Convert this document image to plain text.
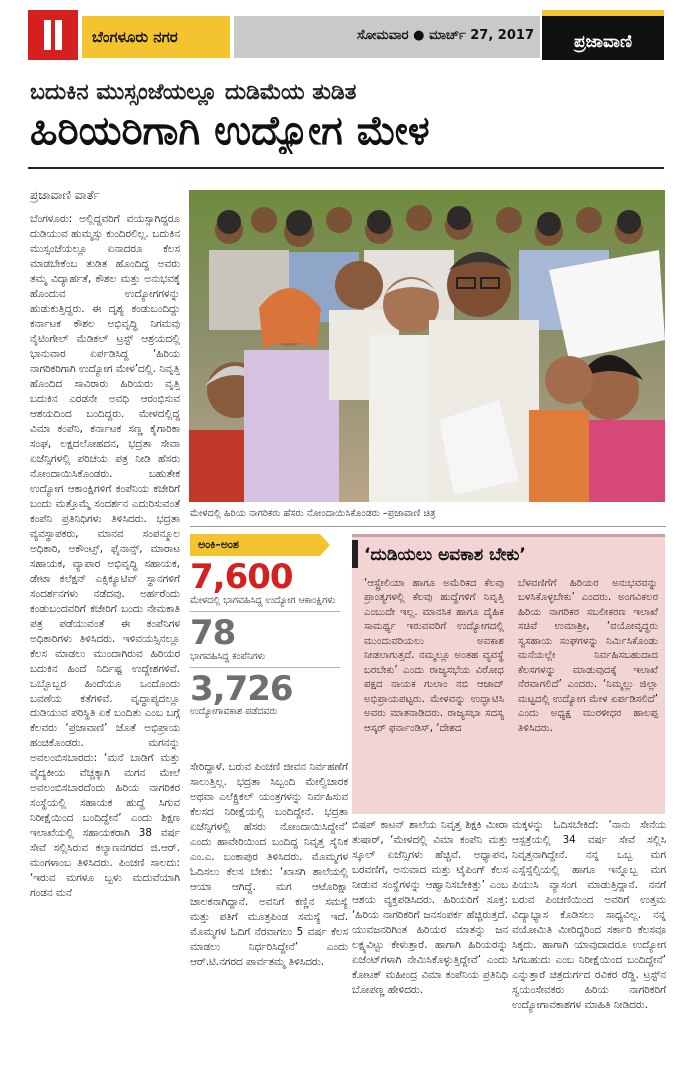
ಬೆಂಗಳೂರು ನಗರ	ಸೋಮವಾರ ● ಮಾರ್ಚ್ 27, 2017	ಪ್ರಜಾವಾಣಿ
ಬದುಕಿನ ಮುಸ್ಸಂಜೆಯಲ್ಲೂ ದುಡಿಮೆಯ ತುಡಿತ
ಹಿರಿಯರಿಗಾಗಿ ಉದ್ಯೋಗ ಮೇಳ
ಪ್ರಜಾವಾಣಿ ವಾರ್ತೆ
ಬೆಂಗಳೂರು: ಅಲ್ಲಿದ್ದವರಿಗೆ ವಯಸ್ಸಾಗಿದ್ದರೂ ದುಡಿಯುವ ಹುಮ್ಮಸ್ಸು ಕುಂದಿರಲಿಲ್ಲ. ಬದುಕಿನ ಮುಸ್ಸಂಜೆಯಲ್ಲೂ ಏನಾದರೂ ಕೆಲಸ ಮಾಡಬೇಕೆಂಬ ತುಡಿತ ಹೊಂದಿದ್ದ ಅವರು ತಮ್ಮ ವಿದ್ಯಾರ್ಹತೆ, ಕೌಶಲ ಮತ್ತು ಅನುಭವಕ್ಕೆ ಹೊಂದುವ ಉದ್ಯೋಗಗಳನ್ನು ಹುಡುಕುತ್ತಿದ್ದರು. ಈ ದೃಶ್ಯ ಕಂಡುಬಂದಿದ್ದು ಕರ್ನಾಟಕ ಕೌಶಲ ಅಭಿವೃದ್ಧಿ ನಿಗಮವು ನೈಟಿಂಗೇಲ್ ಮೆಡಿಕಲ್ ಟ್ರಸ್ಟ್ ಆಶ್ರಯದಲ್ಲಿ ಭಾನುವಾರ ಏರ್ಪಡಿಸಿದ್ದ ‘ಹಿರಿಯ ನಾಗರಿಕರಿಗಾಗಿ ಉದ್ಯೋಗ ಮೇಳ’ದಲ್ಲಿ. ನಿವೃತ್ತಿ ಹೊಂದಿದ ಸಾವಿರಾರು ಹಿರಿಯರು ವೃತ್ತಿ ಬದುಕಿನ ಎರಡನೇ ಅವಧಿ ಆರಂಭಿಸುವ ಆಶಯದಿಂದ ಬಂದಿದ್ದರು. ಮೇಳದಲ್ಲಿದ್ದ ವಿಮಾ ಕಂಪೆನಿ, ಕರ್ನಾಟಕ ಸಣ್ಣ ಕೈಗಾರಿಕಾ ಸಂಘ, ಲಕ್ಷದಲೋಹದನ, ಭದ್ರತಾ ಸೇವಾ ಏಜೆನ್ಸಿಗಳಲ್ಲಿ ಪರಿಚಯ ಪತ್ರ ನೀಡಿ ಹೆಸರು ನೋಂದಾಯಿಸಿಕೊಂಡರು. ಬಹುತೇಕ ಉದ್ಯೋಗ ಆಕಾಂಕ್ಷಿಗಳಿಗೆ ಕಂಪೆನಿಯ ಕಚೇರಿಗೆ ಬಂದು ಮತ್ತೊಮ್ಮೆ ಸಂದರ್ಶನ ಎದುರಿಸುವಂತೆ ಕಂಪೆನಿ ಪ್ರತಿನಿಧಿಗಳು ತಿಳಿಸಿದರು. ಭದ್ರತಾ ವ್ಯವಸ್ಥಾಪಕರು, ಮಾನವ ಸಂಪನ್ಮೂಲ ಅಧಿಕಾರಿ, ಅಕೌಂಟ್ಸ್, ಫೈನಾನ್ಸ್, ಮಾರಾಟ ಸಹಾಯಕ, ವ್ಯಾಪಾರ ಅಭಿವೃದ್ಧಿ ಸಹಾಯಕ, ಡೇಟಾ ಕಲೆಕ್ಷನ್ ಎಕ್ಸಿಕ್ಯೂಟಿವ್ ಸ್ಥಾನಗಳಿಗೆ ಸಂದರ್ಶನಗಳು ನಡೆದವು. ಅರ್ಹರೆಂದು ಕಂಡುಬಂದವರಿಗೆ ಕಚೇರಿಗೆ ಬಂದು ನೇಮಕಾತಿ ಪತ್ರ ಪಡೆಯುವಂತೆ ಈ ಕಂಪೆನಿಗಳ ಅಧಿಕಾರಿಗಳು ತಿಳಿಸಿದರು. ಇಳಿವಯಸ್ಸಿನಲ್ಲೂ ಕೆಲಸ ಮಾಡಲು ಮುಂದಾಗಿರುವ ಹಿರಿಯರ ಬದುಕಿನ ಹಿಂದೆ ನಿರ್ದಿಷ್ಟ ಉದ್ದೇಶಗಳಿವೆ. ಒಬ್ಬೊಬ್ಬರ ಹಿಂದೆಯೂ ಒಂದೊಂದು ಬವಣೆಯ ಕತೆಗಳಿವೆ. ವೃದ್ಧಾಪ್ಯದಲ್ಲೂ ದುಡಿಯುವ ಪರಿಸ್ಥಿತಿ ಏಕೆ ಬಂದಿತು ಎಂಬ ಬಗ್ಗೆ ಕೆಲವರು ‘ಪ್ರಜಾವಾಣಿ’ ಜೊತೆ ಅಭಿಪ್ರಾಯ ಹಂಚಿಕೊಂಡರು. ಮಗನನ್ನು ಅವಲಂಬಿಸಬಾರದು: ‘ಮನೆ ಬಾಡಿಗೆ ಮತ್ತು ವೈದ್ಯಕೀಯ ವೆಚ್ಚಕ್ಕಾಗಿ ಮಗನ ಮೇಲೆ ಅವಲಂಬಿಸಬಾರದೆಂದು ಹಿರಿಯ ನಾಗರಿಕರ ಸಂಸ್ಥೆಯಲ್ಲಿ ಸಹಾಯಕ ಹುದ್ದೆ ಸಿಗುವ ನಿರೀಕ್ಷೆಯಿಂದ ಬಂದಿದ್ದೇನೆ’ ಎಂದು ಶಿಕ್ಷಣ ಇಲಾಖೆಯಲ್ಲಿ ಸಹಾಯಕರಾಗಿ 38 ವರ್ಷ ಸೇವೆ ಸಲ್ಲಿಸಿರುವ ಕಲ್ಯಾಣನಗರದ ಜಿ.ಆರ್. ಮಂಗಳಾಂಬ ತಿಳಿಸಿದರು. ಪಿಂಚಣಿ ಸಾಲದು: ‘ಇರುವ ಮಗಳೂ ಬ್ಬಳು ಮದುವೆಯಾಗಿ ಗಂಡನ ಮನೆ
ಮೇಳದಲ್ಲಿ ಹಿರಿಯ ನಾಗರಿಕರು ಹೆಸರು ನೋಂದಾಯಿಸಿಕೊಂಡರು –ಪ್ರಜಾವಾಣಿ ಚಿತ್ರ
ಅಂಕಿ–ಅಂಶ
7,600
ಮೇಳದಲ್ಲಿ ಭಾಗವಹಿಸಿದ್ದ ಉದ್ಯೋಗ ಆಕಾಂಕ್ಷಿಗಳು
78
ಭಾಗವಹಿಸಿದ್ದ ಕಂಪೆನಿಗಳು
3,726
ಉದ್ಯೋಗಾವಕಾಶ ಪಡೆದವರು
‘ದುಡಿಯಲು ಅವಕಾಶ ಬೇಕು’
‘ಆಸ್ಟ್ರೇಲಿಯಾ ಹಾಗೂ ಅಮೆರಿಕದ ಕೆಲವು ಪ್ರಾಂತ್ಯಗಳಲ್ಲಿ ಕೆಲವು ಹುದ್ದೆಗಳಿಗೆ ನಿವೃತ್ತಿ ಎಂಬುದೇ ಇಲ್ಲ. ಮಾನಸಿಕ ಹಾಗೂ ದೈಹಿಕ ಸಾಮರ್ಥ್ಯ ಇರುವವರಿಗೆ ಉದ್ಯೋಗದಲ್ಲಿ ಮುಂದುವರಿಯಲು ಅವಕಾಶ ನೀಡಲಾಗುತ್ತದೆ. ನಮ್ಮಲ್ಲೂ ಅಂತಹ ವ್ಯವಸ್ಥೆ ಬರಬೇಕು’ ಎಂದು ರಾಜ್ಯಸಭೆಯ ವಿರೋಧ ಪಕ್ಷದ ನಾಯಕ ಗುಲಾಂ ನಬಿ ಆಜಾದ್ ಅಭಿಪ್ರಾಯಪಟ್ಟರು. ಮೇಳವನ್ನು ಉದ್ಘಾಟಿಸಿ ಅವರು ಮಾತನಾಡಿದರು. ರಾಜ್ಯಸಭಾ ಸದಸ್ಯ ಆಸ್ಕರ್ ಫರ್ನಾಂಡಿಸ್, ‘ದೇಶದ
ಬೆಳವಣಿಗೆಗೆ ಹಿರಿಯರ ಅನುಭವವನ್ನು ಬಳಸಿಕೊಳ್ಳಬೇಕು’ ಎಂದರು. ಅಂಗವಿಕಲರ ಹಿರಿಯ ನಾಗರಿಕರ ಸಬಲೀಕರಣ ಇಲಾಖೆ ಸಚಿವೆ ಉಮಾಶ್ರೀ, ‘ವಯೋವೃದ್ಧರು ಸ್ವಸಹಾಯ ಸಂಘಗಳನ್ನು ನಿರ್ಮಿಸಿಕೊಂಡು ಮನೆಯಲ್ಲೇ ನಿರ್ವಹಿಸಬಹುದಾದ ಕೆಲಸಗಳನ್ನು ಮಾಡುವುದಕ್ಕೆ ಇಲಾಖೆ ನೆರವಾಗಲಿದೆ’ ಎಂದರು. ‘ನಿಮ್ಮಲ್ಲು ಜಿಲ್ಲಾ ಮಟ್ಟದಲ್ಲಿ ಉದ್ಯೋಗ ಮೇಳ ಏರ್ಪಡಿಸಲಿದೆ’ ಎಂದು ಅಧ್ಯಕ್ಷ ಮುರಳೀಧರ ಹಾಲಪ್ಪ ತಿಳಿಸಿದರು.
ಸೇರಿದ್ದಾಳೆ. ಬರುವ ಪಿಂಚಣಿ ಜೀವನ ನಿರ್ವಹಣೆಗೆ ಸಾಲುತ್ತಿಲ್ಲ. ಭದ್ರತಾ ಸಿಬ್ಬಂದಿ ಮೇಲ್ವಿಚಾರಕ ಅಥವಾ ಎಲೆಕ್ಟ್ರಿಕಲ್ ಯಂತ್ರಗಳನ್ನು ನಿರ್ವಹಿಸುವ ಕೆಲಸದ ನಿರೀಕ್ಷೆಯಲ್ಲಿ ಬಂದಿದ್ದೇನೆ. ಭದ್ರತಾ ಏಜೆನ್ಸಿಗಳಲ್ಲಿ ಹೆಸರು ನೋಂದಾಯಿಸಿದ್ದೇನೆ’ ಎಂದು ಹಾವೇರಿಯಿಂದ ಬಂದಿದ್ದ ನಿವೃತ್ತ ಸೈನಿಕ ಎಂ.ಎ. ಬಂಕಾಪುರ ತಿಳಿಸಿದರು. ಮೊಮ್ಮಗಳ ಓದಿಸಲು ಕೆಲಸ ಬೇಕು: ‘ಖಾಸಗಿ ಶಾಲೆಯಲ್ಲಿ ಆಯಾ ಆಗಿದ್ದೆ. ಮಗ ಆಟೊರಿಕ್ಷಾ ಚಾಲಕನಾಗಿದ್ದಾನೆ. ಅವನಿಗೆ ಕಣ್ಣಿನ ಸಮಸ್ಯೆ ಮತ್ತು ಪತಿಗೆ ಮೂತ್ರಪಿಂಡ ಸಮಸ್ಯೆ ಇದೆ. ಮೊಮ್ಮಗಳ ಓದಿಗೆ ನೆರವಾಗಲು 5 ವರ್ಷ ಕೆಲಸ ಮಾಡಲು ನಿರ್ಧರಿಸಿದ್ದೇನೆ’ ಎಂದು ಆರ್.ಟಿ.ನಗರದ ಪಾರ್ವತಮ್ಮ ತಿಳಿಸಿದರು.
ಬಿಷಪ್ ಕಾಟನ್ ಶಾಲೆಯ ನಿವೃತ್ತ ಶಿಕ್ಷಕಿ ಮೀರಾ ತುಷಾರ್, ‘ಮೇಳದಲ್ಲಿ ವಿಮಾ ಕಂಪೆನಿ ಮತ್ತು ಸ್ಕೂಲ್ ಏಜೆನ್ಸಿಗಳು ಹೆಚ್ಚಿವೆ. ಅಧ್ಯಾಪನ, ಬರವಣಿಗೆ, ಅನುವಾದ ಮತ್ತು ಟೈಪಿಂಗ್ ಕೆಲಸ ನೀಡುವ ಸಂಸ್ಥೆಗಳನ್ನು ಆಹ್ವಾನಿಸಬೇಕಿತ್ತು’ ಎಂಬ ಆಶಯ ವ್ಯಕ್ತಪಡಿಸಿದರು. ಹಿರಿಯರಿಗೆ ಸೂಕ್ತ: ‘ಹಿರಿಯ ನಾಗರಿಕರಿಗೆ ಜನಸಂಪರ್ಕ ಹೆಚ್ಚಿರುತ್ತದೆ. ಯುವಜನರಿಗಿಂತ ಹಿರಿಯರ ಮಾತನ್ನು ಜನ ಲಕ್ಷ್ಯವಿಟ್ಟು ಕೇಳುತ್ತಾರೆ. ಹಾಗಾಗಿ ಹಿರಿಯರನ್ನು ಏಜೆಂಟ್‌ಗಳಾಗಿ ನೇಮಿಸಿಕೊಳ್ಳುತ್ತಿದ್ದೇವೆ’ ಎಂದು ಕೋಟಕ್ ಮಹೀಂದ್ರ ವಿಮಾ ಕಂಪೆನಿಯ ಪ್ರತಿನಿಧಿ ಬೋಪಣ್ಣ ಹೇಳಿದರು.
ಮಕ್ಕಳನ್ನು ಓದಿಸಬೇಕಿದೆ: ‘ನಾನು ಸೇನೆಯ ಆಸ್ಪತ್ರೆಯಲ್ಲಿ 34 ವರ್ಷ ಸೇವೆ ಸಲ್ಲಿಸಿ ನಿವೃತ್ತನಾಗಿದ್ದೇನೆ. ನನ್ನ ಒಬ್ಬ ಮಗ ಎಸ್ಸೆಸ್ಸೆಲ್ಸಿಯಲ್ಲಿ ಹಾಗೂ ಇನ್ನೊಬ್ಬ ಮಗ ಪಿಯುಸಿ ವ್ಯಾಸಂಗ ಮಾಡುತ್ತಿದ್ದಾನೆ. ನನಗೆ ಬರುವ ಪಿಂಚಣಿಯಿಂದ ಅವರಿಗೆ ಉತ್ತಮ ವಿದ್ಯಾಭ್ಯಾಸ ಕೊಡಿಸಲು ಸಾಧ್ಯವಿಲ್ಲ. ನನ್ನ ವಯೋಮಿತಿ ಮೀರಿದ್ದರಿಂದ ಸರ್ಕಾರಿ ಕೆಲಸವೂ ಸಿಕ್ಕದು. ಹಾಗಾಗಿ ಯಾವುದಾದರೂ ಉದ್ಯೋಗ ಸಿಗಬಹುದು ಎಂಬ ನಿರೀಕ್ಷೆಯಿಂದ ಬಂದಿದ್ದೇನೆ’ ಎನ್ನುತ್ತಾರೆ ಚಿತ್ರದುರ್ಗದ ರವಿಕರ ರೆಡ್ಡಿ. ಟ್ರಸ್ಟ್‌ನ ಸ್ವಯಂಸೇವಕರು ಹಿರಿಯ ನಾಗರಿಕರಿಗೆ ಉದ್ಯೋಗಾವಕಾಶಗಳ ಮಾಹಿತಿ ನೀಡಿದರು.
